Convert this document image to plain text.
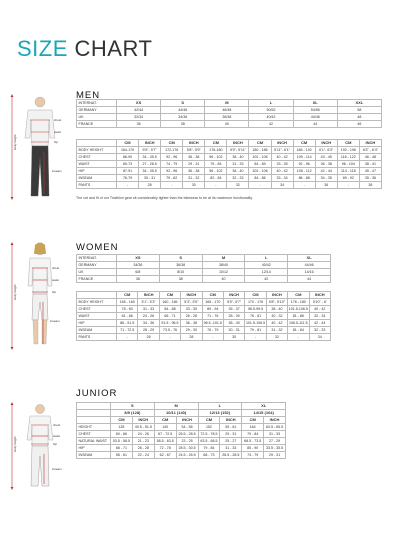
SIZE CHART
MEN
chest
waist
hip
inseam
body height
INTERNAT.	XS	S	M	L	XL	XXL
GERMANY	42/44	44/46	46/48	50/52	54/56	58
UK	32/34	34/36	36/38	40/42	44/46	48
FRANCE	36	38	40	42	44	46
	CM	INCH	CM	INCH	CM	INCH	CM	INCH	CM	INCH	CM	INCH
BODY HEIGHT	164-170	5'5"- 5'7"	172-176	5'8"- 5'9"	176-180	5'9"- 5'11"	180 - 186	5'11"- 6'1"	186 - 192	6'1"- 6'3"	192 - 196	6'3" - 6'4"
CHEST	86-90	34 - 35.5	92 - 96	36 - 38	96 - 102	38 - 40	102 - 106	40 - 42	109 - 114	43 - 45	116 - 122	46 - 48
WAIST	69-73	27 - 28.5	74 - 79	29 - 31	79 - 84	31 - 33	84 - 89	33 - 35	92 - 96	36 - 38	96 - 104	38 - 41
HIP	87-91	34 - 35.5	92 - 96	36 - 38	96 - 102	38 - 40	102 - 106	40 - 42	106 - 112	42 - 44	114 - 118	45 - 47
INSEAM	76-79	30 - 31	79 - 82	31 - 32	82 - 84	32 - 33	84 - 86	33 - 34	86 - 88	34 - 35	89 - 92	35 - 36
PANTS	-	28	-	30	-	32	-	34	-	36	-	38
The cut and fit of our Triathlon gear sit considerably tighter than the bikewear to be at its maximum functionality.
WOMEN
chest
waist
hip
inseam
body height
INTERNAT.	XS	S	M	L	XL
GERMANY	34/36	36/38	38/40	40/42	44/46
UK	6/8	8/10	10/12	12/14	14/16
FRANCE	36	38	40	42	44
	CM	INCH	CM	INCH	CM	INCH	CM	INCH	CM	INCH
BODY HEIGHT	155 - 160	5'1"- 5'3"	160 - 165	5'3"- 5'5"	165 - 170	5'5"- 5'7"	170 - 176	5'8"- 5'10"	176 - 180	5'10" - 6'
CHEST	78 - 83	31 - 33	84 - 88	33 - 35	89 - 94	35 - 37	96.5-99.5	38 - 40	101.5-106.5	40 - 42
WAIST	61 - 66	24 - 26	66 - 71	26 - 28	71 - 76	28 - 30	76 - 81	30 - 32	81 - 86	32 - 34
HIP	86 - 91.5	34 - 36	91.5 - 96.5	36 - 38	96.5 -101.5	38 - 40	101.5-106.5	40 - 42	106.5-111.5	42 - 44
INSEAM	71 - 72.5	28 - 29	73.5 - 76	29 - 30	76 - 79	30 - 31	79 - 81	31 - 32	81 - 84	32 - 33
PANTS	-	26	-	28	-	30	-	32	-	34
JUNIOR
chest
waist
hip
inseam
body height
	S		M		L		XL	
	8/9 (128)		10/11 (140)		12/13 (152)		14/15 (164)	
	CM	INCH	CM	INCH	CM	INCH	CM	INCH
HEIGHT	128	49.5 - 51.5	140	54 - 56	152	59 - 61	164	63.5 - 65.5
CHEST	60 - 66	24 - 26	67 - 72.5	26.5 - 28.5	72.5 - 78.5	29 - 31	79 - 84	31 - 33
NATURAL WAIST	53.5 - 58.5	21 - 23	58.5 - 63.5	23 - 25	63.5 - 68.5	25 - 27	68.5 - 73.5	27 - 29
HIP	66 - 71	26 - 28	72 - 78	28.5 - 30.5	79 - 84	31 - 33	85 - 90	33.5 - 35.5
INSEAM	56 - 61	22 - 24	62 - 67	24.5 - 26.5	68 - 73	26.5 - 28.5	74 - 79	29 - 31
